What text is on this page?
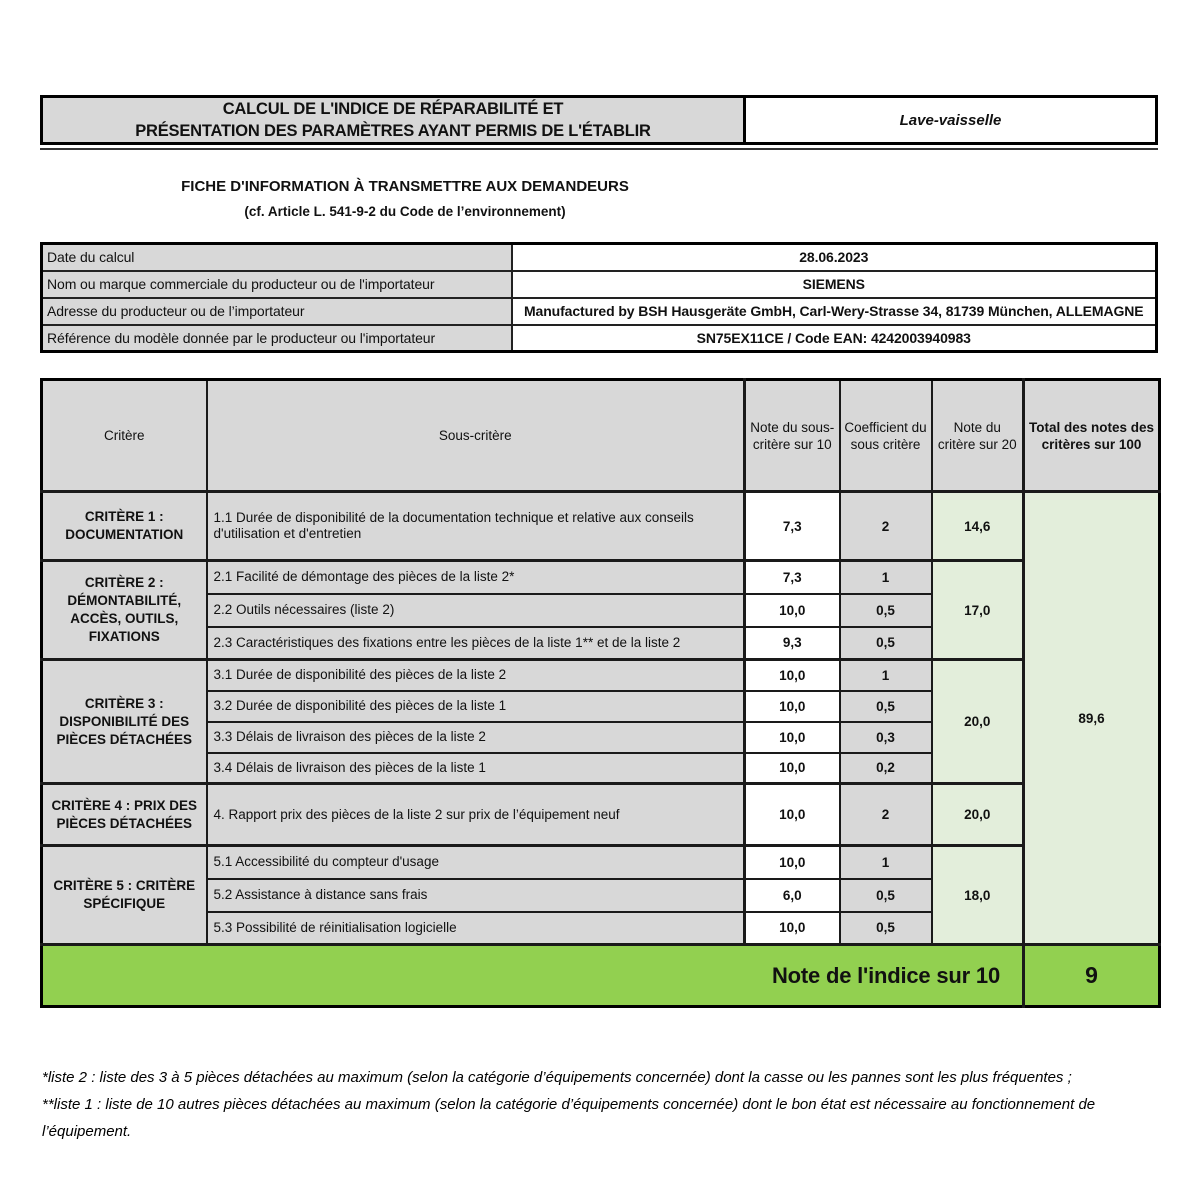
CALCUL DE L'INDICE DE RÉPARABILITÉ ET
PRÉSENTATION DES PARAMÈTRES AYANT PERMIS DE L'ÉTABLIR
Lave-vaisselle
FICHE D'INFORMATION À TRANSMETTRE AUX DEMANDEURS
(cf. Article L. 541-9-2 du Code de l’environnement)
Date du calcul	28.06.2023
Nom ou marque commerciale du producteur ou de l'importateur	SIEMENS
Adresse du producteur ou de l’importateur	Manufactured by BSH Hausgeräte GmbH, Carl-Wery-Strasse 34, 81739 München, ALLEMAGNE
Référence du modèle donnée par le producteur ou l'importateur	SN75EX11CE / Code EAN: 4242003940983
Critère	Sous-critère	Note du sous-critère sur 10	Coefficient du sous critère	Note du critère sur 20	Total des notes des critères sur 100
CRITÈRE 1 : DOCUMENTATION	1.1 Durée de disponibilité de la documentation technique et relative aux conseils d'utilisation et d'entretien	7,3	2	14,6	89,6
CRITÈRE 2 : DÉMONTABILITÉ, ACCÈS, OUTILS, FIXATIONS	2.1 Facilité de démontage des pièces de la liste 2*	7,3	1	17,0	
	2.2 Outils nécessaires (liste 2)	10,0	0,5		
	2.3 Caractéristiques des fixations entre les pièces de la liste 1** et de la liste 2	9,3	0,5		
CRITÈRE 3 : DISPONIBILITÉ DES PIÈCES DÉTACHÉES	3.1 Durée de disponibilité des pièces de la liste 2	10,0	1	20,0	
	3.2 Durée de disponibilité des pièces de la liste 1	10,0	0,5		
	3.3 Délais de livraison des pièces de la liste 2	10,0	0,3		
	3.4 Délais de livraison des pièces de la liste 1	10,0	0,2		
CRITÈRE 4 : PRIX DES PIÈCES DÉTACHÉES	4. Rapport prix des pièces de la liste 2 sur prix de l’équipement neuf	10,0	2	20,0	
CRITÈRE 5 : CRITÈRE SPÉCIFIQUE	5.1 Accessibilité du compteur d'usage	10,0	1	18,0	
	5.2 Assistance à distance sans frais	6,0	0,5		
	5.3 Possibilité de réinitialisation logicielle	10,0	0,5		
Note de l'indice sur 10					9
*liste 2 : liste des 3 à 5 pièces détachées au maximum (selon la catégorie d’équipements concernée) dont la casse ou les pannes sont les plus fréquentes ;
**liste 1 : liste de 10 autres pièces détachées au maximum (selon la catégorie d’équipements concernée) dont le bon état est nécessaire au fonctionnement de l’équipement.
